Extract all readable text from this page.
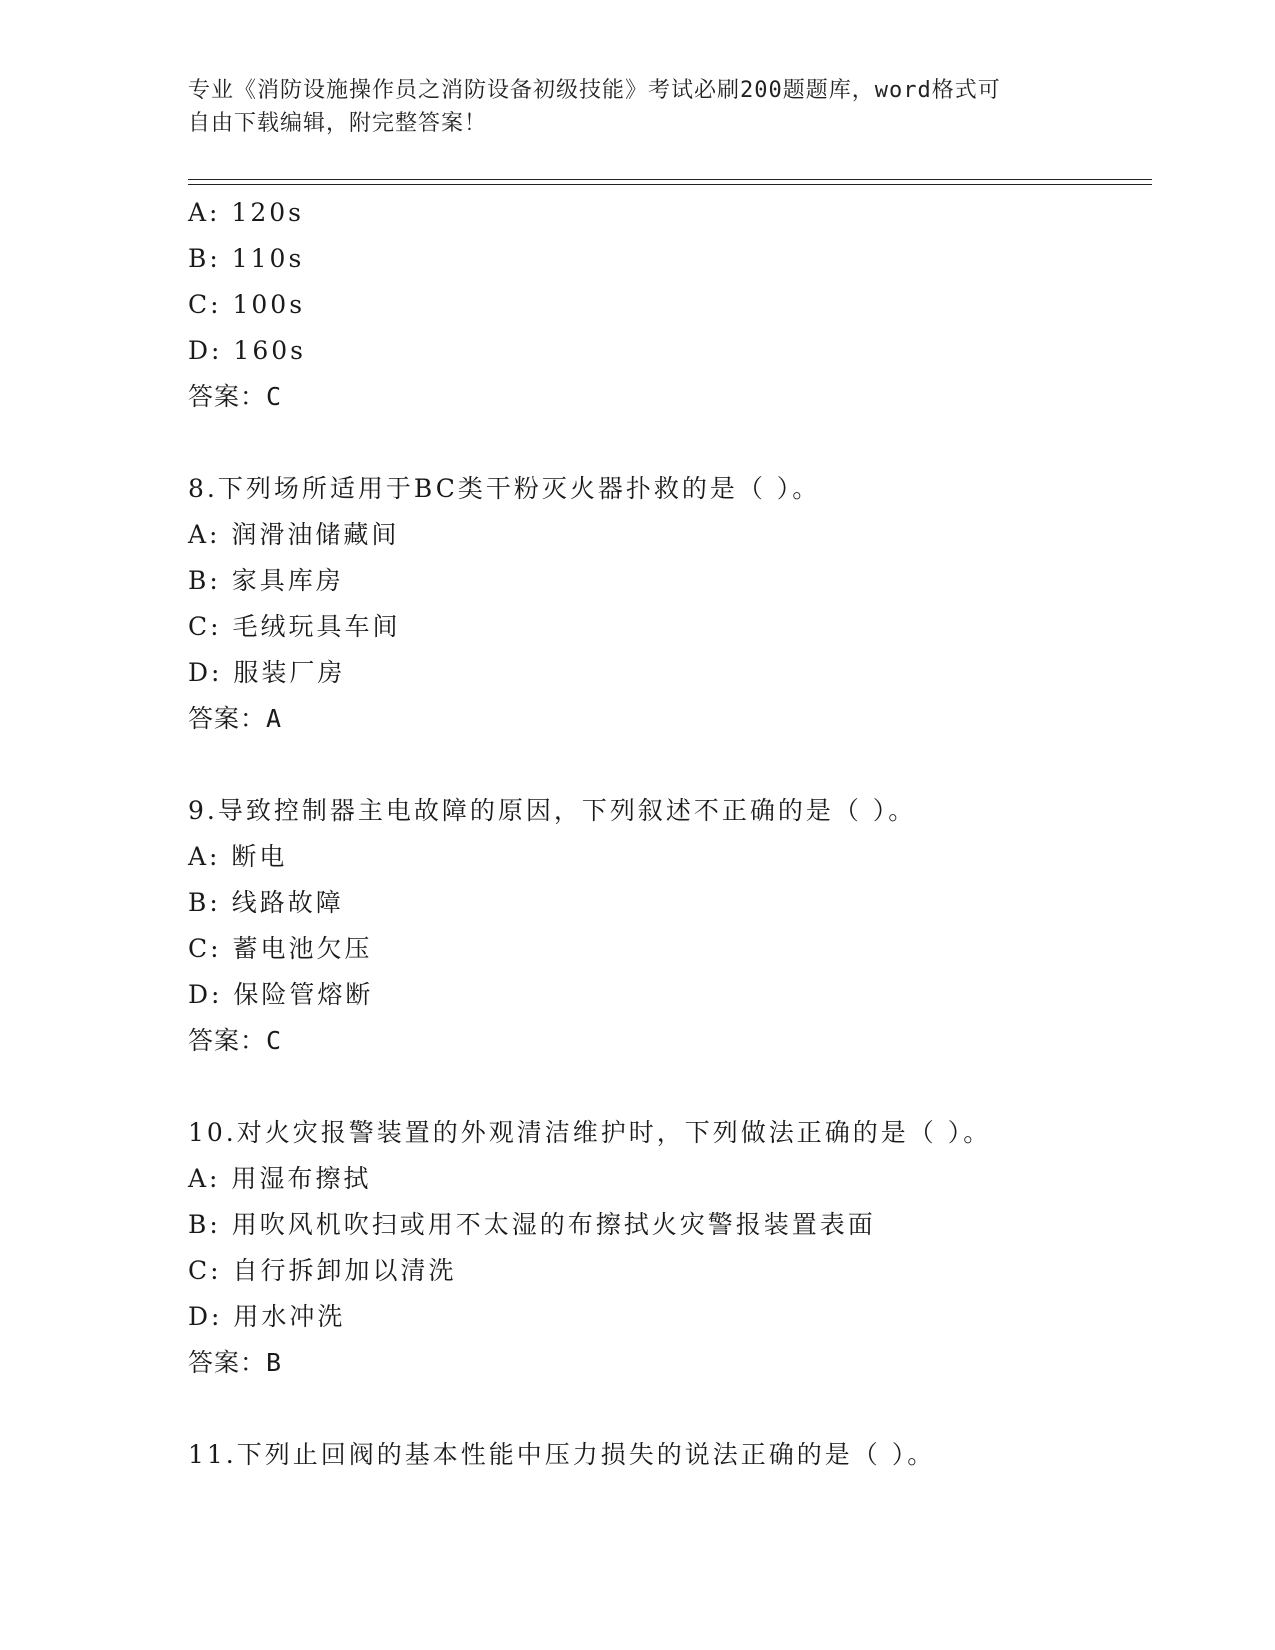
专业《消防设施操作员之消防设备初级技能》考试必刷200题题库，word格式可
自由下载编辑，附完整答案！
A: 120s
B: 110s
C: 100s
D: 160s
答案：C
8.下列场所适用于BC类干粉灭火器扑救的是（ ）。
A: 润滑油储藏间
B: 家具库房
C: 毛绒玩具车间
D: 服装厂房
答案：A
9.导致控制器主电故障的原因，下列叙述不正确的是（ ）。
A: 断电
B: 线路故障
C: 蓄电池欠压
D: 保险管熔断
答案：C
10.对火灾报警装置的外观清洁维护时，下列做法正确的是（ ）。
A: 用湿布擦拭
B: 用吹风机吹扫或用不太湿的布擦拭火灾警报装置表面
C: 自行拆卸加以清洗
D: 用水冲洗
答案：B
11.下列止回阀的基本性能中压力损失的说法正确的是（ ）。
